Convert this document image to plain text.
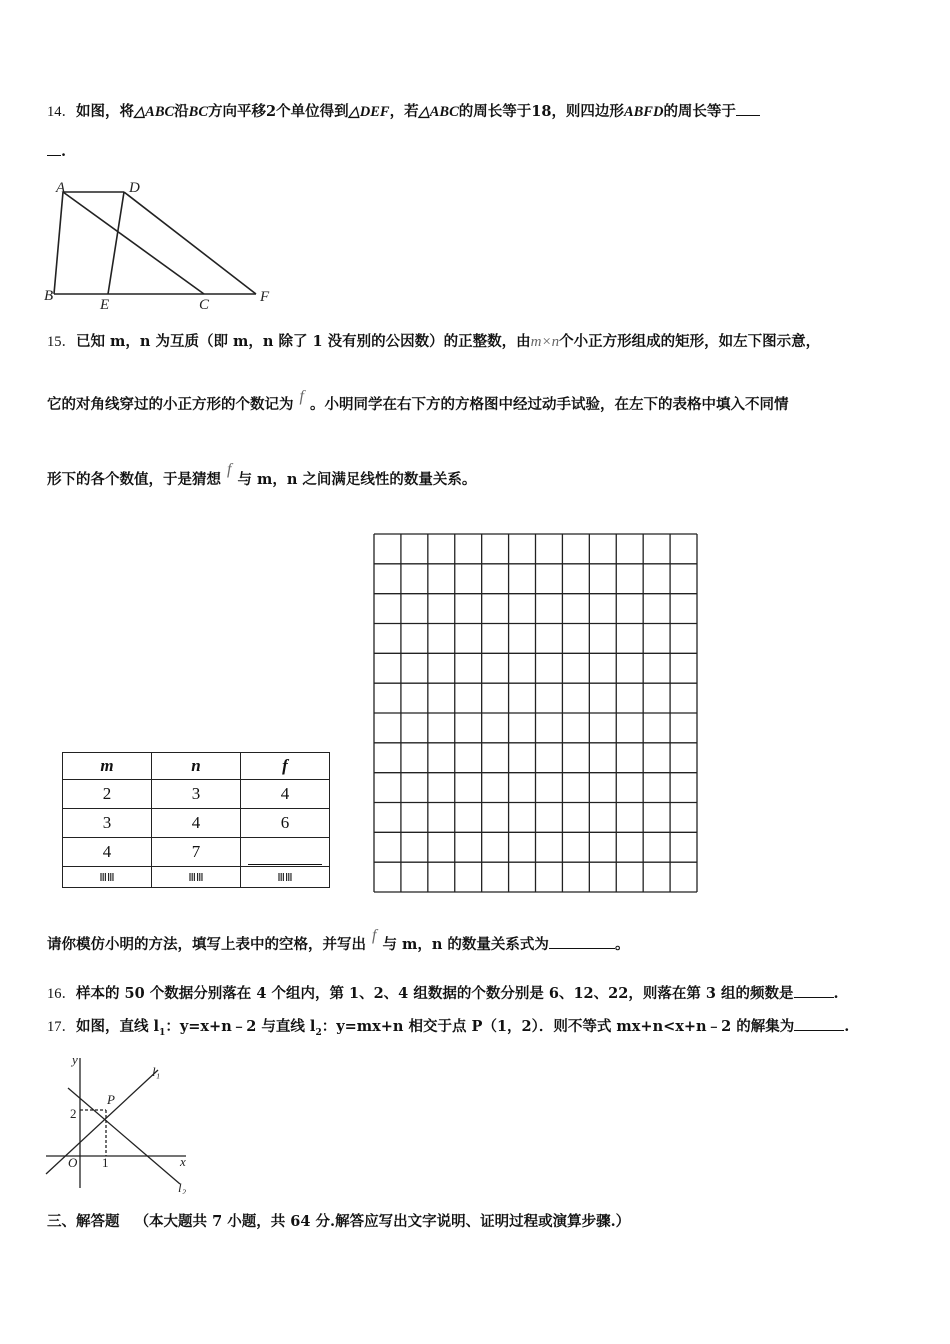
14．如图，将△ABC沿BC方向平移2个单位得到△DEF，若△ABC的周长等于18，则四边形ABFD的周长等于
.
A	D
B
E	C	F
15．已知 m，n 为互质（即 m，n 除了 1 没有别的公因数）的正整数，由m×n个小正方形组成的矩形，如左下图示意，
它的对角线穿过的小正方形的个数记为 f 。小明同学在右下方的方格图中经过动手试验，在左下的表格中填入不同情
形下的各个数值，于是猜想f与 m，n 之间满足线性的数量关系。
m	n	f
2	3	4
3	4	6
4	7	
ⅢⅢ	ⅢⅢ	ⅢⅢ
请你模仿小明的方法，填写上表中的空格，并写出f与 m，n 的数量关系式为	。
16．样本的 50 个数据分别落在 4 个组内，第 1、2、4 组数据的个数分别是 6、12、22，则落在第 3 组的频数是	.
17．如图，直线 $l_1$：y=x+n﹣2 与直线 $l_2$：y=mx+n 相交于点 P（1，2）．则不等式 mx+n<x+n﹣2 的解集为	.
y
l₁
P
2
O 1	x
l₂
三、解答题 （本大题共 7 小题，共 64 分.解答应写出文字说明、证明过程或演算步骤.）
